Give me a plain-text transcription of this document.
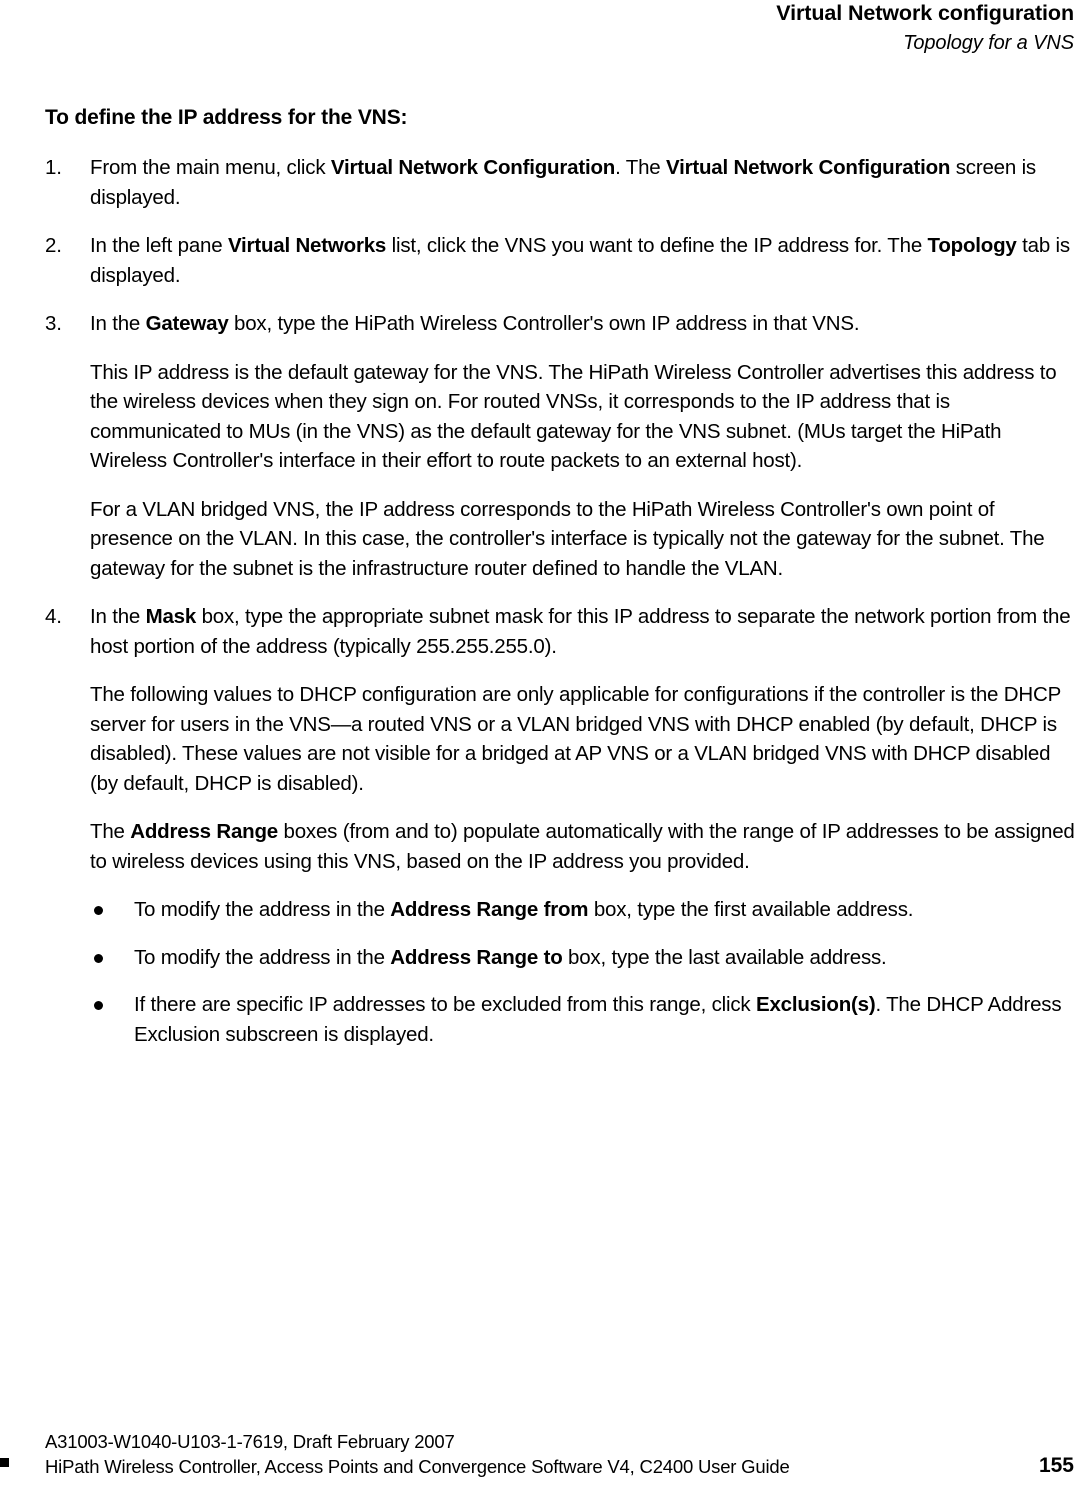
Virtual Network configuration
Topology for a VNS
To define the IP address for the VNS:
1.	From the main menu, click Virtual Network Configuration. The Virtual Network Configuration screen is displayed.
2.	In the left pane Virtual Networks list, click the VNS you want to define the IP address for. The Topology tab is displayed.
3.	In the Gateway box, type the HiPath Wireless Controller's own IP address in that VNS.

This IP address is the default gateway for the VNS. The HiPath Wireless Controller advertises this address to the wireless devices when they sign on. For routed VNSs, it corresponds to the IP address that is communicated to MUs (in the VNS) as the default gateway for the VNS subnet. (MUs target the HiPath Wireless Controller's interface in their effort to route packets to an external host).

For a VLAN bridged VNS, the IP address corresponds to the HiPath Wireless Controller's own point of presence on the VLAN. In this case, the controller's interface is typically not the gateway for the subnet. The gateway for the subnet is the infrastructure router defined to handle the VLAN.

4.	In the Mask box, type the appropriate subnet mask for this IP address to separate the network portion from the host portion of the address (typically 255.255.255.0).

The following values to DHCP configuration are only applicable for configurations if the controller is the DHCP server for users in the VNS—a routed VNS or a VLAN bridged VNS with DHCP enabled (by default, DHCP is disabled). These values are not visible for a bridged at AP VNS or a VLAN bridged VNS with DHCP disabled (by default, DHCP is disabled).

The Address Range boxes (from and to) populate automatically with the range of IP addresses to be assigned to wireless devices using this VNS, based on the IP address you provided.

To modify the address in the Address Range from box, type the first available address.
To modify the address in the Address Range to box, type the last available address.
If there are specific IP addresses to be excluded from this range, click Exclusion(s). The DHCP Address Exclusion subscreen is displayed.
A31003-W1040-U103-1-7619, Draft February 2007
HiPath Wireless Controller, Access Points and Convergence Software V4, C2400 User Guide	155
